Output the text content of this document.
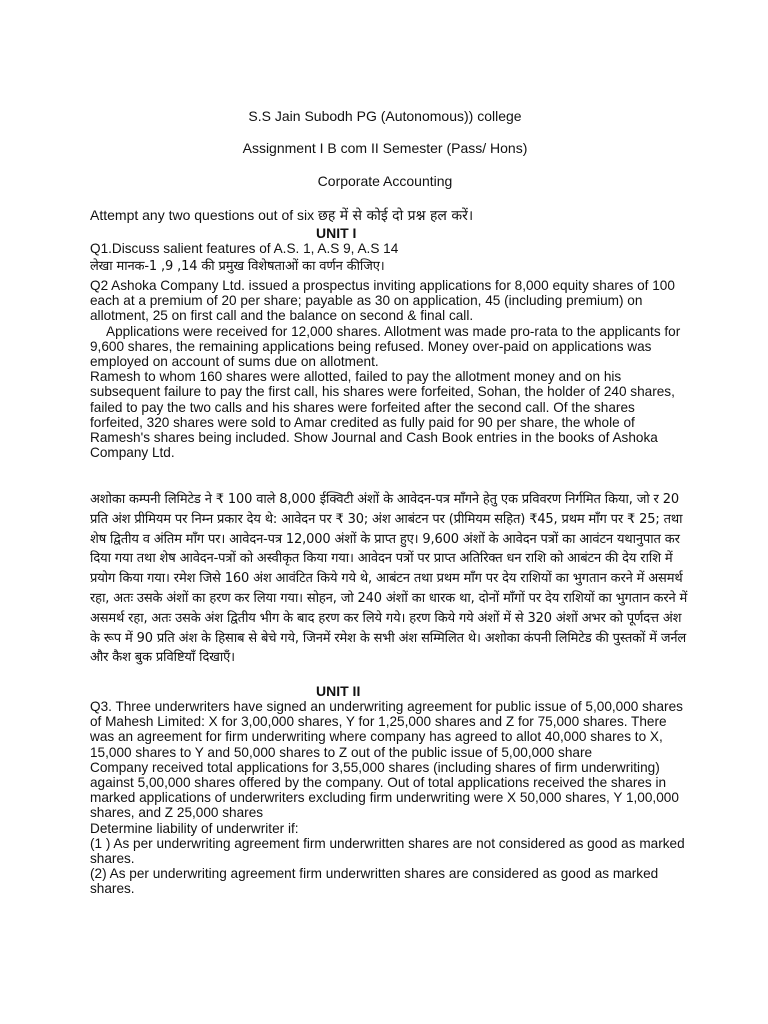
S.S Jain Subodh PG (Autonomous)) college
Assignment I B com II Semester (Pass/ Hons)
Corporate Accounting
Attempt any two questions out of six छह में से कोई दो प्रश्न हल करें।
UNIT I
Q1.Discuss salient features of A.S. 1, A.S 9, A.S 14
लेखा मानक-1 ,9 ,14 की प्रमुख विशेषताओं का वर्णन कीजिए।

Q2 Ashoka Company Ltd. issued a prospectus inviting applications for 8,000 equity shares of 100 each at a premium of 20 per share; payable as 30 on application, 45 (including premium) on allotment, 25 on first call and the balance on second & final call.

Applications were received for 12,000 shares. Allotment was made pro-rata to the applicants for 9,600 shares, the remaining applications being refused. Money over-paid on applications was employed on account of sums due on allotment.

Ramesh to whom 160 shares were allotted, failed to pay the allotment money and on his subsequent failure to pay the first call, his shares were forfeited, Sohan, the holder of 240 shares, failed to pay the two calls and his shares were forfeited after the second call. Of the shares forfeited, 320 shares were sold to Amar credited as fully paid for 90 per share, the whole of Ramesh's shares being included. Show Journal and Cash Book entries in the books of Ashoka Company Ltd.

अशोका कम्पनी लिमिटेड ने ₹ 100 वाले 8,000 ईक्विटी अंशों के आवेदन-पत्र माँगने हेतु एक प्रविवरण निर्गमित किया, जो र 20 प्रति अंश प्रीमियम पर निम्न प्रकार देय थे: आवेदन पर ₹ 30; अंश आबंटन पर (प्रीमियम सहित) ₹45, प्रथम माँग पर ₹ 25; तथा शेष द्वितीय व अंतिम माँग पर। आवेदन-पत्र 12,000 अंशों के प्राप्त हुए। 9,600 अंशों के आवेदन पत्रों का आवंटन यथानुपात कर दिया गया तथा शेष आवेदन-पत्रों को अस्वीकृत किया गया। आवेदन पत्रों पर प्राप्त अतिरिक्त धन राशि को आबंटन की देय राशि में प्रयोग किया गया। रमेश जिसे 160 अंश आवंटित किये गये थे, आबंटन तथा प्रथम माँग पर देय राशियों का भुगतान करने में असमर्थ रहा, अतः उसके अंशों का हरण कर लिया गया। सोहन, जो 240 अंशों का धारक था, दोनों माँगों पर देय राशियों का भुगतान करने में असमर्थ रहा, अतः उसके अंश द्वितीय भीग के बाद हरण कर लिये गये। हरण किये गये अंशों में से 320 अंशों अभर को पूर्णदत्त अंश के रूप में 90 प्रति अंश के हिसाब से बेचे गये, जिनमें रमेश के सभी अंश सम्मिलित थे। अशोका कंपनी लिमिटेड की पुस्तकों में जर्नल और कैश बुक प्रविष्टियाँ दिखाएँ।
UNIT II

Q3. Three underwriters have signed an underwriting agreement for public issue of 5,00,000 shares of Mahesh Limited: X for 3,00,000 shares, Y for 1,25,000 shares and Z for 75,000 shares. There was an agreement for firm underwriting where company has agreed to allot 40,000 shares to X, 15,000 shares to Y and 50,000 shares to Z out of the public issue of 5,00,000 share

Company received total applications for 3,55,000 shares (including shares of firm underwriting) against 5,00,000 shares offered by the company. Out of total applications received the shares in marked applications of underwriters excluding firm underwriting were X 50,000 shares, Y 1,00,000 shares, and Z 25,000 shares

Determine liability of underwriter if:

(1 ) As per underwriting agreement firm underwritten shares are not considered as good as marked shares.

(2) As per underwriting agreement firm underwritten shares are considered as good as marked shares.
